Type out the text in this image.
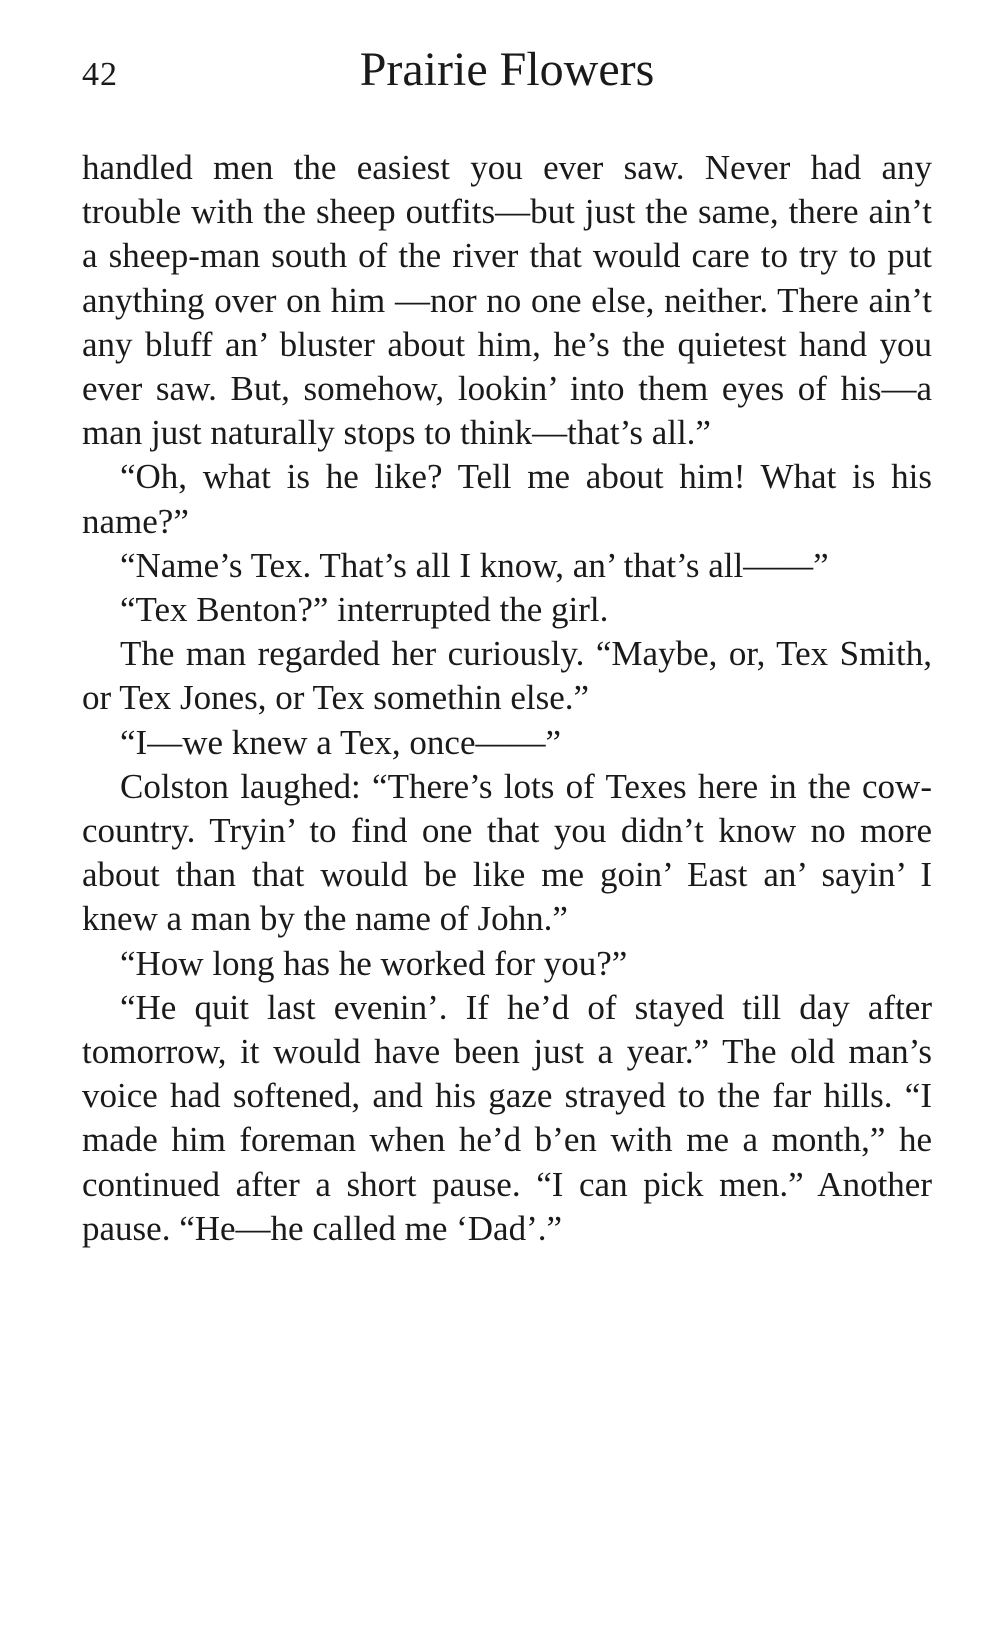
42	Prairie Flowers

handled men the easiest you ever saw. Never had any trouble with the sheep outfits—but just the same, there ain’t a sheep-man south of the river that would care to try to put anything over on him —nor no one else, neither. There ain’t any bluff an’ bluster about him, he’s the quietest hand you ever saw. But, somehow, lookin’ into them eyes of his—a man just naturally stops to think—that’s all.”

“Oh, what is he like? Tell me about him! What is his name?”

“Name’s Tex. That’s all I know, an’ that’s all——”

“Tex Benton?” interrupted the girl.

The man regarded her curiously. “Maybe, or, Tex Smith, or Tex Jones, or Tex somethin else.”

“I—we knew a Tex, once——”

Colston laughed: “There’s lots of Texes here in the cow-country. Tryin’ to find one that you didn’t know no more about than that would be like me goin’ East an’ sayin’ I knew a man by the name of John.”

“How long has he worked for you?”

“He quit last evenin’. If he’d of stayed till day after tomorrow, it would have been just a year.” The old man’s voice had softened, and his gaze strayed to the far hills. “I made him foreman when he’d b’en with me a month,” he continued after a short pause. “I can pick men.” Another pause. “He—he called me ‘Dad’.”
